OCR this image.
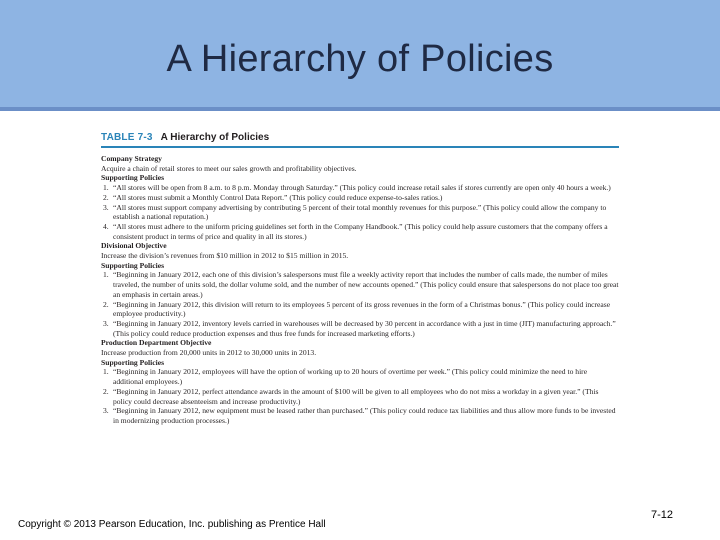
A Hierarchy of Policies
TABLE 7-3 A Hierarchy of Policies
Company Strategy
Acquire a chain of retail stores to meet our sales growth and profitability objectives.
Supporting Policies
1. “All stores will be open from 8 a.m. to 8 p.m. Monday through Saturday.” (This policy could increase retail sales if stores currently are open only 40 hours a week.)
2. “All stores must submit a Monthly Control Data Report.” (This policy could reduce expense-to-sales ratios.)
3. “All stores must support company advertising by contributing 5 percent of their total monthly revenues for this purpose.” (This policy could allow the company to establish a national reputation.)
4. “All stores must adhere to the uniform pricing guidelines set forth in the Company Handbook.” (This policy could help assure customers that the company offers a consistent product in terms of price and quality in all its stores.)
Divisional Objective
Increase the division’s revenues from $10 million in 2012 to $15 million in 2015.
Supporting Policies
1. “Beginning in January 2012, each one of this division’s salespersons must file a weekly activity report that includes the number of calls made, the number of miles traveled, the number of units sold, the dollar volume sold, and the number of new accounts opened.” (This policy could ensure that salespersons do not place too great an emphasis in certain areas.)
2. “Beginning in January 2012, this division will return to its employees 5 percent of its gross revenues in the form of a Christmas bonus.” (This policy could increase employee productivity.)
3. “Beginning in January 2012, inventory levels carried in warehouses will be decreased by 30 percent in accordance with a just in time (JIT) manufacturing approach.” (This policy could reduce production expenses and thus free funds for increased marketing efforts.)
Production Department Objective
Increase production from 20,000 units in 2012 to 30,000 units in 2013.
Supporting Policies
1. “Beginning in January 2012, employees will have the option of working up to 20 hours of overtime per week.” (This policy could minimize the need to hire additional employees.)
2. “Beginning in January 2012, perfect attendance awards in the amount of $100 will be given to all employees who do not miss a workday in a given year.” (This policy could decrease absenteeism and increase productivity.)
3. “Beginning in January 2012, new equipment must be leased rather than purchased.” (This policy could reduce tax liabilities and thus allow more funds to be invested in modernizing production processes.)
Copyright © 2013 Pearson Education, Inc. publishing as Prentice Hall
7-12
